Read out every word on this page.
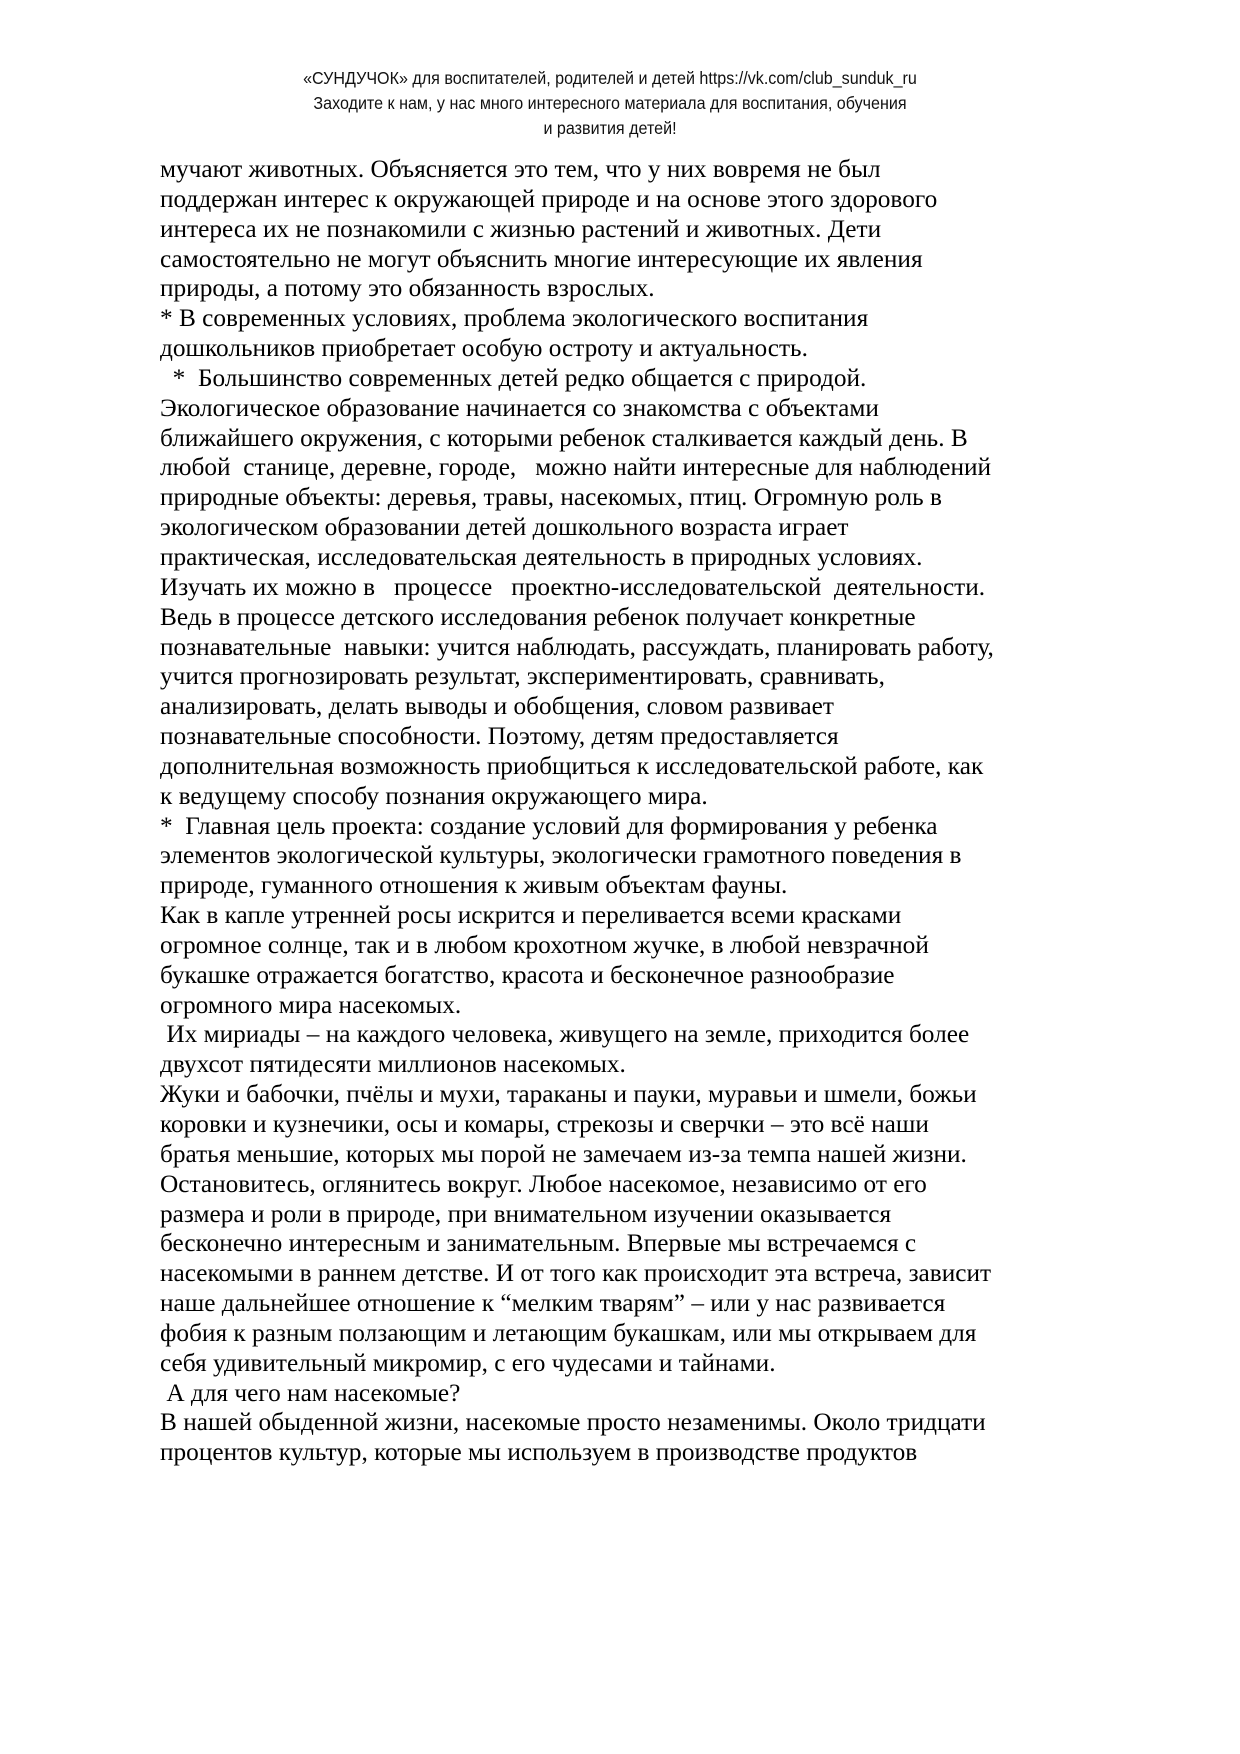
«СУНДУЧОК» для воспитателей, родителей и детей https://vk.com/club_sunduk_ru
Заходите к нам, у нас много интересного материала для воспитания, обучения
и развития детей!
мучают животных. Объясняется это тем, что у них вовремя не был
поддержан интерес к окружающей природе и на основе этого здорового
интереса их не познакомили с жизнью растений и животных. Дети
самостоятельно не могут объяснить многие интересующие их явления
природы, а потому это обязанность взрослых.
* В современных условиях, проблема экологического воспитания
дошкольников приобретает особую остроту и актуальность.
*  Большинство современных детей редко общается с природой.
Экологическое образование начинается со знакомства с объектами
ближайшего окружения, с которыми ребенок сталкивается каждый день. В
любой  станице, деревне, городе,   можно найти интересные для наблюдений
природные объекты: деревья, травы, насекомых, птиц. Огромную роль в
экологическом образовании детей дошкольного возраста играет
практическая, исследовательская деятельность в природных условиях.
Изучать их можно в   процессе   проектно-исследовательской  деятельности.
Ведь в процессе детского исследования ребенок получает конкретные
познавательные  навыки: учится наблюдать, рассуждать, планировать работу,
учится прогнозировать результат, экспериментировать, сравнивать,
анализировать, делать выводы и обобщения, словом развивает
познавательные способности. Поэтому, детям предоставляется
дополнительная возможность приобщиться к исследовательской работе, как
к ведущему способу познания окружающего мира.
*  Главная цель проекта: создание условий для формирования у ребенка
элементов экологической культуры, экологически грамотного поведения в
природе, гуманного отношения к живым объектам фауны.
Как в капле утренней росы искрится и переливается всеми красками
огромное солнце, так и в любом крохотном жучке, в любой невзрачной
букашке отражается богатство, красота и бесконечное разнообразие
огромного мира насекомых.
Их мириады – на каждого человека, живущего на земле, приходится более
двухсот пятидесяти миллионов насекомых.
Жуки и бабочки, пчёлы и мухи, тараканы и пауки, муравьи и шмели, божьи
коровки и кузнечики, осы и комары, стрекозы и сверчки – это всё наши
братья меньшие, которых мы порой не замечаем из-за темпа нашей жизни.
Остановитесь, оглянитесь вокруг. Любое насекомое, независимо от его
размера и роли в природе, при внимательном изучении оказывается
бесконечно интересным и занимательным. Впервые мы встречаемся с
насекомыми в раннем детстве. И от того как происходит эта встреча, зависит
наше дальнейшее отношение к “мелким тварям” – или у нас развивается
фобия к разным ползающим и летающим букашкам, или мы открываем для
себя удивительный микромир, с его чудесами и тайнами.
А для чего нам насекомые?
В нашей обыденной жизни, насекомые просто незаменимы. Около тридцати
процентов культур, которые мы используем в производстве продуктов
